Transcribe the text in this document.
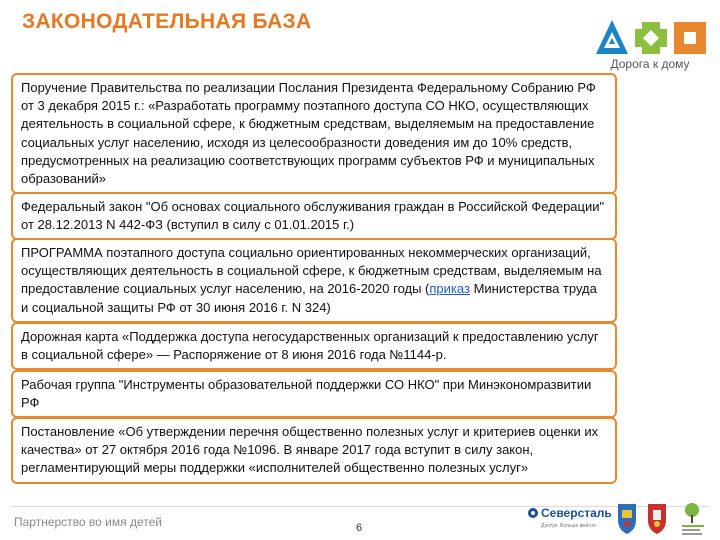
ЗАКОНОДАТЕЛЬНАЯ БАЗА
Дорога к дому
Поручение Правительства по реализации Послания Президента Федеральному Собранию РФ от 3 декабря 2015 г.: «Разработать программу поэтапного доступа СО НКО, осуществляющих деятельность в социальной сфере, к бюджетным средствам, выделяемым на предоставление социальных услуг населению, исходя из целесообразности доведения им до 10% средств, предусмотренных на реализацию соответствующих программ субъектов РФ и муниципальных образований»
Федеральный закон "Об основах социального обслуживания граждан в Российской Федерации" от 28.12.2013 N 442-ФЗ (вступил в силу с 01.01.2015 г.)
ПРОГРАММА поэтапного доступа социально ориентированных некоммерческих организаций, осуществляющих деятельность в социальной сфере, к бюджетным средствам, выделяемым на предоставление социальных услуг населению, на 2016-2020 годы (приказ Министерства труда и социальной защиты РФ от 30 июня 2016 г. N 324)
Дорожная карта «Поддержка доступа негосударственных организаций к предоставлению услуг в социальной сфере» — Распоряжение от 8 июня 2016 года №1144-р.
Рабочая группа "Инструменты образовательной поддержки СО НКО" при Минэкономразвитии РФ
Постановление «Об утверждении перечня общественно полезных услуг и критериев оценки их качества» от 27 октября 2016 года №1096. В январе 2017 года вступит в силу закон, регламентирующий меры поддержки «исполнителей общественно полезных услуг»
Партнерство во имя детей	6
Северсталь
Доступ. Больше вместе
